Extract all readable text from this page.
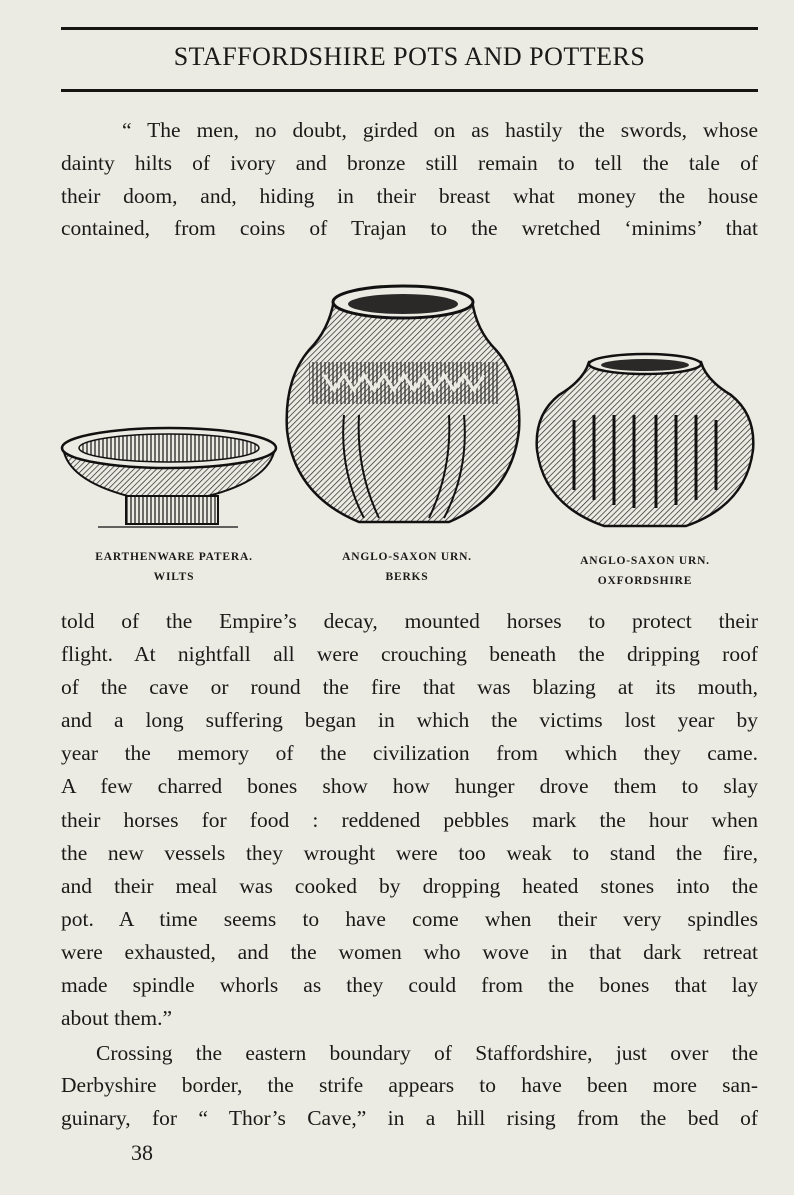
STAFFORDSHIRE POTS AND POTTERS
“ The men, no doubt, girded on as hastily the swords, whose
dainty hilts of ivory and bronze still remain to tell the tale of
their doom, and, hiding in their breast what money the house
contained, from coins of Trajan to the wretched ‘minims’ that
EARTHENWARE PATERA.
WILTS
ANGLO-SAXON URN.
BERKS
ANGLO-SAXON URN.
OXFORDSHIRE
told of the Empire’s decay, mounted horses to protect their
flight. At nightfall all were crouching beneath the dripping roof
of the cave or round the fire that was blazing at its mouth,
and a long suffering began in which the victims lost year by
year the memory of the civilization from which they came.
A few charred bones show how hunger drove them to slay
their horses for food : reddened pebbles mark the hour when
the new vessels they wrought were too weak to stand the fire,
and their meal was cooked by dropping heated stones into the
pot. A time seems to have come when their very spindles
were exhausted, and the women who wove in that dark retreat
made spindle whorls as they could from the bones that lay
about them.”
Crossing the eastern boundary of Staffordshire, just over the
Derbyshire border, the strife appears to have been more san-
guinary, for “ Thor’s Cave,” in a hill rising from the bed of
38
